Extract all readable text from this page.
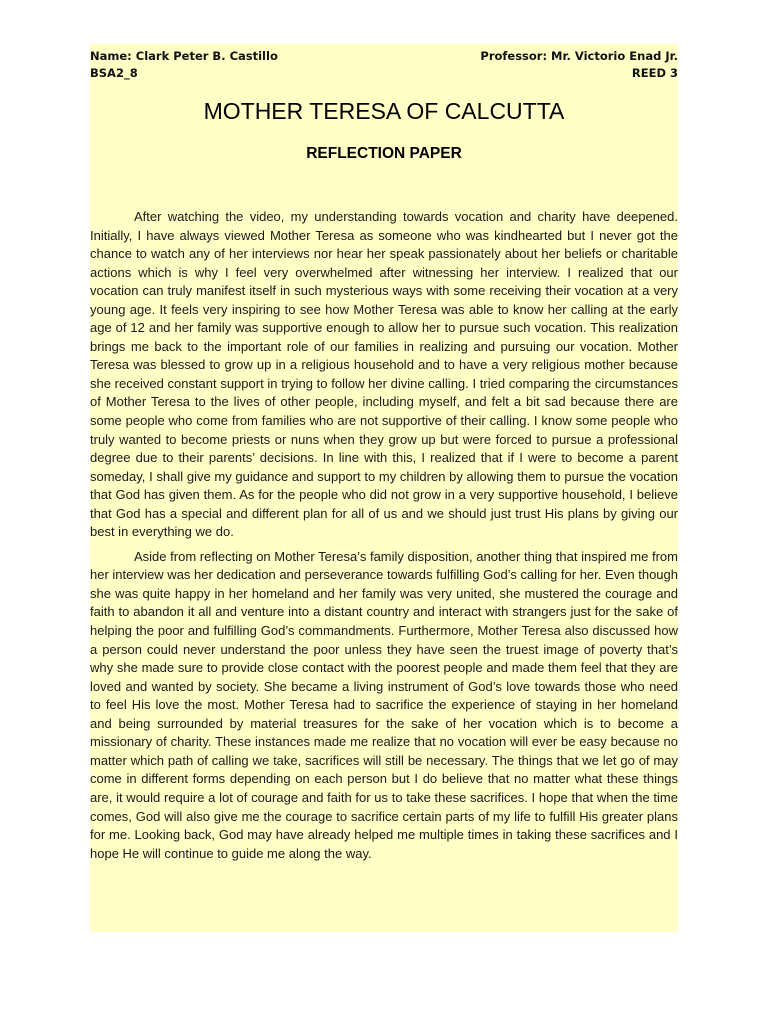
Name: Clark Peter B. Castillo	Professor: Mr. Victorio Enad Jr.
BSA2_8	REED 3
MOTHER TERESA OF CALCUTTA
REFLECTION PAPER

After watching the video, my understanding towards vocation and charity have deepened. Initially, I have always viewed Mother Teresa as someone who was kindhearted but I never got the chance to watch any of her interviews nor hear her speak passionately about her beliefs or charitable actions which is why I feel very overwhelmed after witnessing her interview. I realized that our vocation can truly manifest itself in such mysterious ways with some receiving their vocation at a very young age. It feels very inspiring to see how Mother Teresa was able to know her calling at the early age of 12 and her family was supportive enough to allow her to pursue such vocation. This realization brings me back to the important role of our families in realizing and pursuing our vocation. Mother Teresa was blessed to grow up in a religious household and to have a very religious mother because she received constant support in trying to follow her divine calling. I tried comparing the circumstances of Mother Teresa to the lives of other people, including myself, and felt a bit sad because there are some people who come from families who are not supportive of their calling. I know some people who truly wanted to become priests or nuns when they grow up but were forced to pursue a professional degree due to their parents’ decisions. In line with this, I realized that if I were to become a parent someday, I shall give my guidance and support to my children by allowing them to pursue the vocation that God has given them. As for the people who did not grow in a very supportive household, I believe that God has a special and different plan for all of us and we should just trust His plans by giving our best in everything we do.

Aside from reflecting on Mother Teresa’s family disposition, another thing that inspired me from her interview was her dedication and perseverance towards fulfilling God’s calling for her. Even though she was quite happy in her homeland and her family was very united, she mustered the courage and faith to abandon it all and venture into a distant country and interact with strangers just for the sake of helping the poor and fulfilling God’s commandments. Furthermore, Mother Teresa also discussed how a person could never understand the poor unless they have seen the truest image of poverty that’s why she made sure to provide close contact with the poorest people and made them feel that they are loved and wanted by society. She became a living instrument of God’s love towards those who need to feel His love the most. Mother Teresa had to sacrifice the experience of staying in her homeland and being surrounded by material treasures for the sake of her vocation which is to become a missionary of charity. These instances made me realize that no vocation will ever be easy because no matter which path of calling we take, sacrifices will still be necessary. The things that we let go of may come in different forms depending on each person but I do believe that no matter what these things are, it would require a lot of courage and faith for us to take these sacrifices. I hope that when the time comes, God will also give me the courage to sacrifice certain parts of my life to fulfill His greater plans for me. Looking back, God may have already helped me multiple times in taking these sacrifices and I hope He will continue to guide me along the way.
